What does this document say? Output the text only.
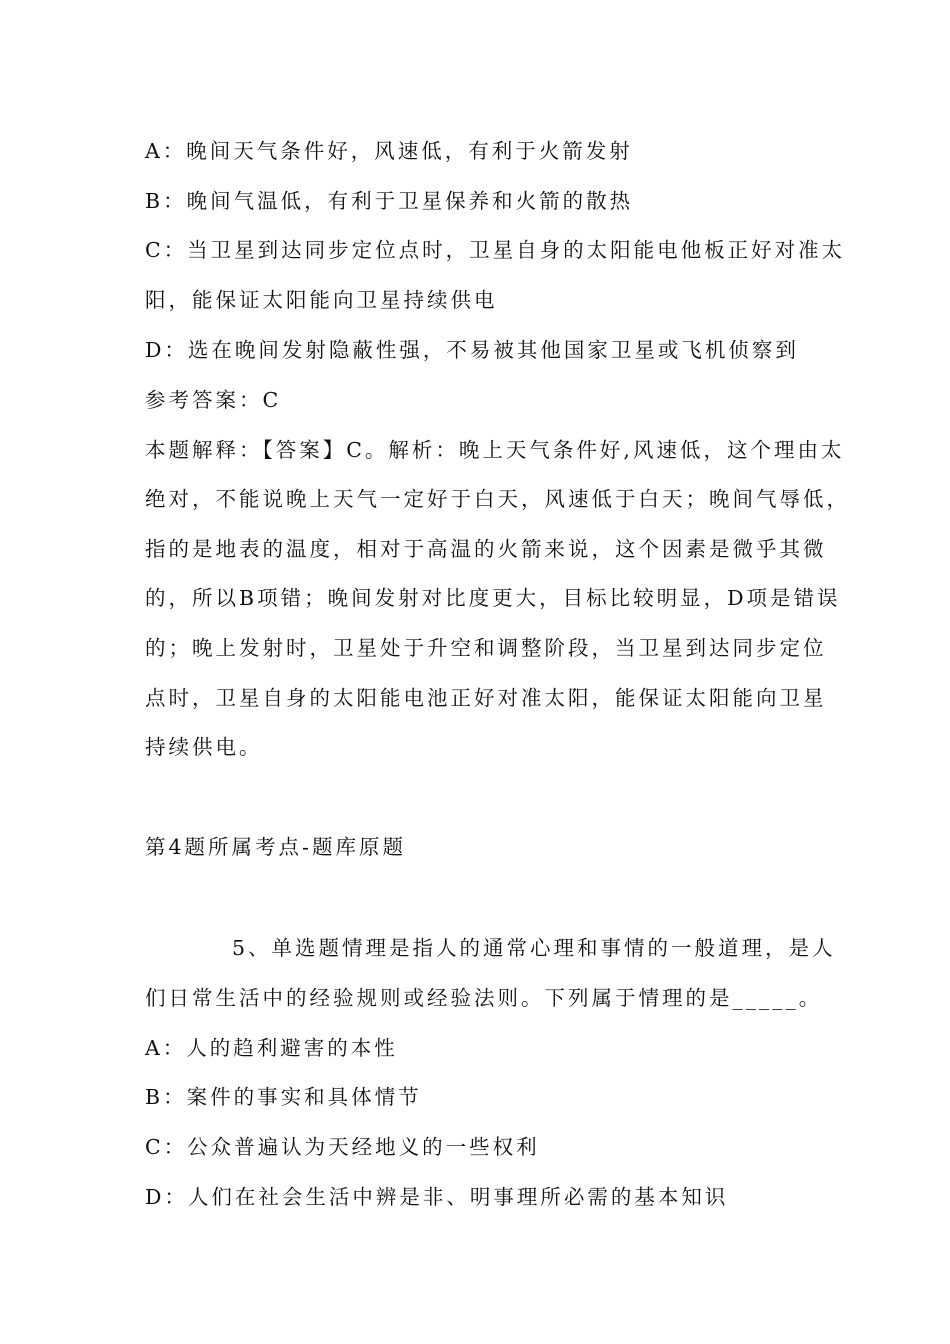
A：晚间天气条件好，风速低，有利于火箭发射
B：晚间气温低，有利于卫星保养和火箭的散热
C：当卫星到达同步定位点时，卫星自身的太阳能电他板正好对准太
阳，能保证太阳能向卫星持续供电
D：选在晚间发射隐蔽性强，不易被其他国家卫星或飞机侦察到
参考答案：C
本题解释：【答案】C。解析：晚上天气条件好,风速低，这个理由太
绝对，不能说晚上天气一定好于白天，风速低于白天；晚间气辱低，
指的是地表的温度，相对于高温的火箭来说，这个因素是微乎其微
的，所以B项错；晚间发射对比度更大，目标比较明显，D项是错误
的；晚上发射时，卫星处于升空和调整阶段，当卫星到达同步定位
点时，卫星自身的太阳能电池正好对准太阳，能保证太阳能向卫星
持续供电。
第4题所属考点-题库原题
5、单选题情理是指人的通常心理和事情的一般道理，是人
们日常生活中的经验规则或经验法则。下列属于情理的是_____。
A：人的趋利避害的本性
B：案件的事实和具体情节
C：公众普遍认为天经地义的一些权利
D：人们在社会生活中辨是非、明事理所必需的基本知识
